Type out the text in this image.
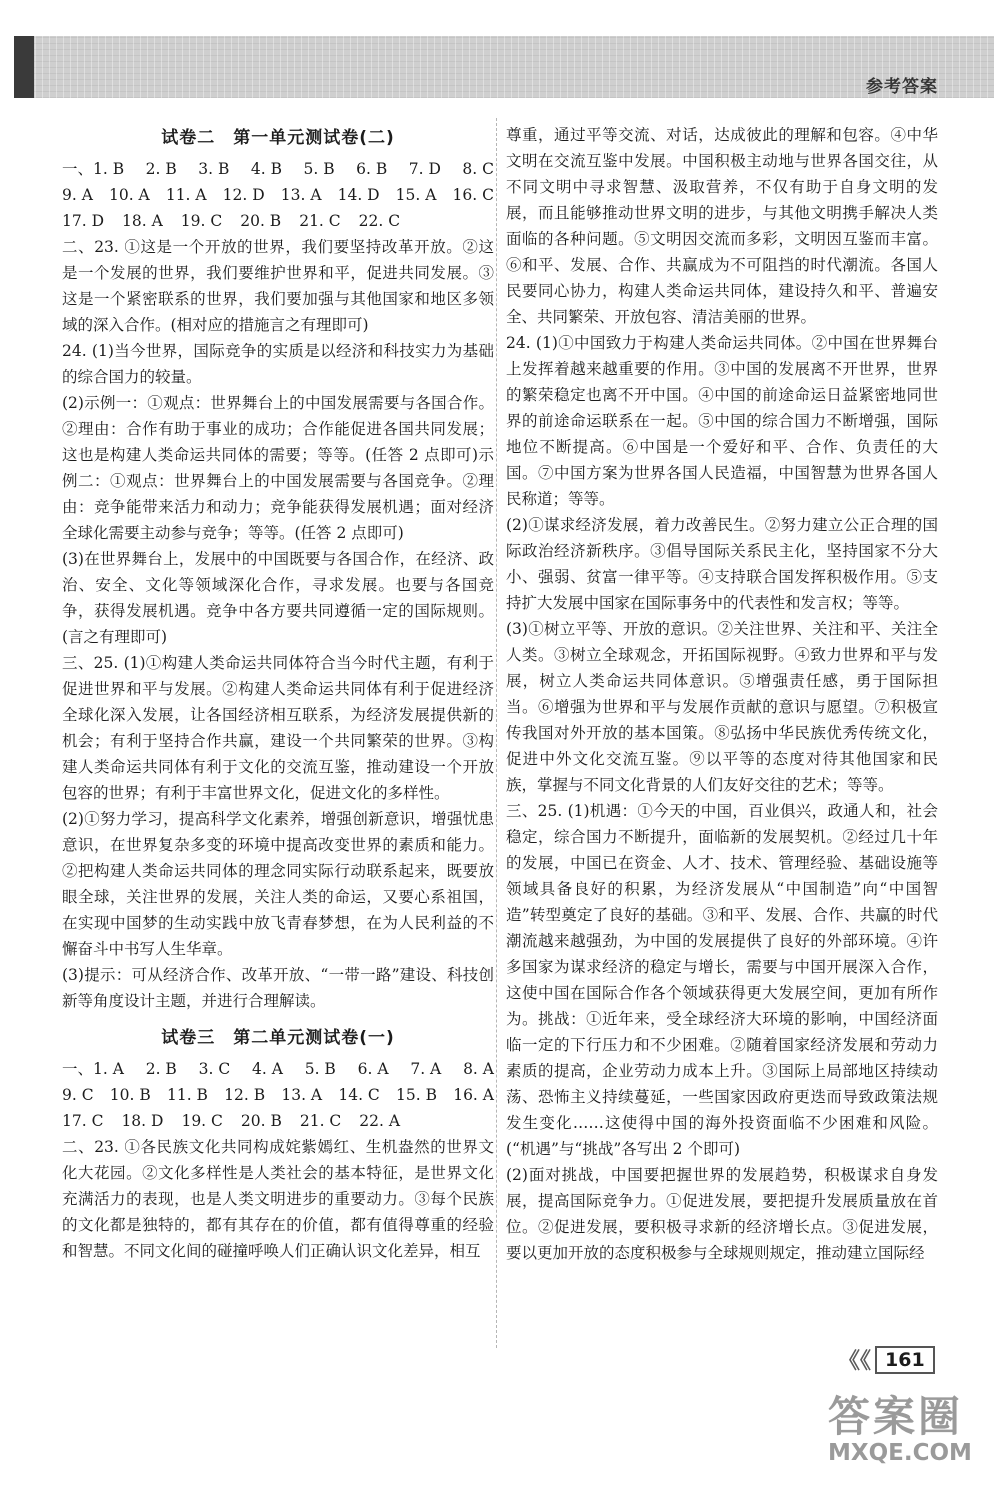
参考答案
试卷二　第一单元测试卷(二)
一、1. B 2. B 3. B 4. B 5. B 6. B 7. D 8. C
9. A 10. A 11. A 12. D 13. A 14. D 15. A 16. C
17. D 18. A 19. C 20. B 21. C 22. C

二、23. ①这是一个开放的世界，我们要坚持改革开放。②这是一个发展的世界，我们要维护世界和平，促进共同发展。③这是一个紧密联系的世界，我们要加强与其他国家和地区多领域的深入合作。(相对应的措施言之有理即可)

24. (1)当今世界，国际竞争的实质是以经济和科技实力为基础的综合国力的较量。

(2)示例一：①观点：世界舞台上的中国发展需要与各国合作。②理由：合作有助于事业的成功；合作能促进各国共同发展；这也是构建人类命运共同体的需要；等等。(任答 2 点即可)示例二：①观点：世界舞台上的中国发展需要与各国竞争。②理由：竞争能带来活力和动力；竞争能获得发展机遇；面对经济全球化需要主动参与竞争；等等。(任答 2 点即可)

(3)在世界舞台上，发展中的中国既要与各国合作，在经济、政治、安全、文化等领域深化合作，寻求发展。也要与各国竞争，获得发展机遇。竞争中各方要共同遵循一定的国际规则。(言之有理即可)

三、25. (1)①构建人类命运共同体符合当今时代主题，有利于促进世界和平与发展。②构建人类命运共同体有利于促进经济全球化深入发展，让各国经济相互联系，为经济发展提供新的机会；有利于坚持合作共赢，建设一个共同繁荣的世界。③构建人类命运共同体有利于文化的交流互鉴，推动建设一个开放包容的世界；有利于丰富世界文化，促进文化的多样性。

(2)①努力学习，提高科学文化素养，增强创新意识，增强忧患意识，在世界复杂多变的环境中提高改变世界的素质和能力。②把构建人类命运共同体的理念同实际行动联系起来，既要放眼全球，关注世界的发展，关注人类的命运，又要心系祖国，在实现中国梦的生动实践中放飞青春梦想，在为人民利益的不懈奋斗中书写人生华章。

(3)提示：可从经济合作、改革开放、“一带一路”建设、科技创新等角度设计主题，并进行合理解读。

试卷三　第二单元测试卷(一)
一、1. A 2. B 3. C 4. A 5. B 6. A 7. A 8. A
9. C 10. B 11. B 12. B 13. A 14. C 15. B 16. A
17. C 18. D 19. C 20. B 21. C 22. A

二、23. ①各民族文化共同构成姹紫嫣红、生机盎然的世界文化大花园。②文化多样性是人类社会的基本特征，是世界文化充满活力的表现，也是人类文明进步的重要动力。③每个民族的文化都是独特的，都有其存在的价值，都有值得尊重的经验和智慧。不同文化间的碰撞呼唤人们正确认识文化差异，相互

尊重，通过平等交流、对话，达成彼此的理解和包容。④中华文明在交流互鉴中发展。中国积极主动地与世界各国交往，从不同文明中寻求智慧、汲取营养，不仅有助于自身文明的发展，而且能够推动世界文明的进步，与其他文明携手解决人类面临的各种问题。⑤文明因交流而多彩，文明因互鉴而丰富。⑥和平、发展、合作、共赢成为不可阻挡的时代潮流。各国人民要同心协力，构建人类命运共同体，建设持久和平、普遍安全、共同繁荣、开放包容、清洁美丽的世界。

24. (1)①中国致力于构建人类命运共同体。②中国在世界舞台上发挥着越来越重要的作用。③中国的发展离不开世界，世界的繁荣稳定也离不开中国。④中国的前途命运日益紧密地同世界的前途命运联系在一起。⑤中国的综合国力不断增强，国际地位不断提高。⑥中国是一个爱好和平、合作、负责任的大国。⑦中国方案为世界各国人民造福，中国智慧为世界各国人民称道；等等。

(2)①谋求经济发展，着力改善民生。②努力建立公正合理的国际政治经济新秩序。③倡导国际关系民主化，坚持国家不分大小、强弱、贫富一律平等。④支持联合国发挥积极作用。⑤支持扩大发展中国家在国际事务中的代表性和发言权；等等。

(3)①树立平等、开放的意识。②关注世界、关注和平、关注全人类。③树立全球观念，开拓国际视野。④致力世界和平与发展，树立人类命运共同体意识。⑤增强责任感，勇于国际担当。⑥增强为世界和平与发展作贡献的意识与愿望。⑦积极宣传我国对外开放的基本国策。⑧弘扬中华民族优秀传统文化，促进中外文化交流互鉴。⑨以平等的态度对待其他国家和民族，掌握与不同文化背景的人们友好交往的艺术；等等。

三、25. (1)机遇：①今天的中国，百业俱兴，政通人和，社会稳定，综合国力不断提升，面临新的发展契机。②经过几十年的发展，中国已在资金、人才、技术、管理经验、基础设施等领域具备良好的积累，为经济发展从“中国制造”向“中国智造”转型奠定了良好的基础。③和平、发展、合作、共赢的时代潮流越来越强劲，为中国的发展提供了良好的外部环境。④许多国家为谋求经济的稳定与增长，需要与中国开展深入合作，这使中国在国际合作各个领域获得更大发展空间，更加有所作为。挑战：①近年来，受全球经济大环境的影响，中国经济面临一定的下行压力和不少困难。②随着国家经济发展和劳动力素质的提高，企业劳动力成本上升。③国际上局部地区持续动荡、恐怖主义持续蔓延，一些国家因政府更迭而导致政策法规发生变化……这使得中国的海外投资面临不少困难和风险。(“机遇”与“挑战”各写出 2 个即可)

(2)面对挑战，中国要把握世界的发展趋势，积极谋求自身发展，提高国际竞争力。①促进发展，要把提升发展质量放在首位。②促进发展，要积极寻求新的经济增长点。③促进发展，要以更加开放的态度积极参与全球规则规定，推动建立国际经

《《 161
答案圈
MXQE.COM
